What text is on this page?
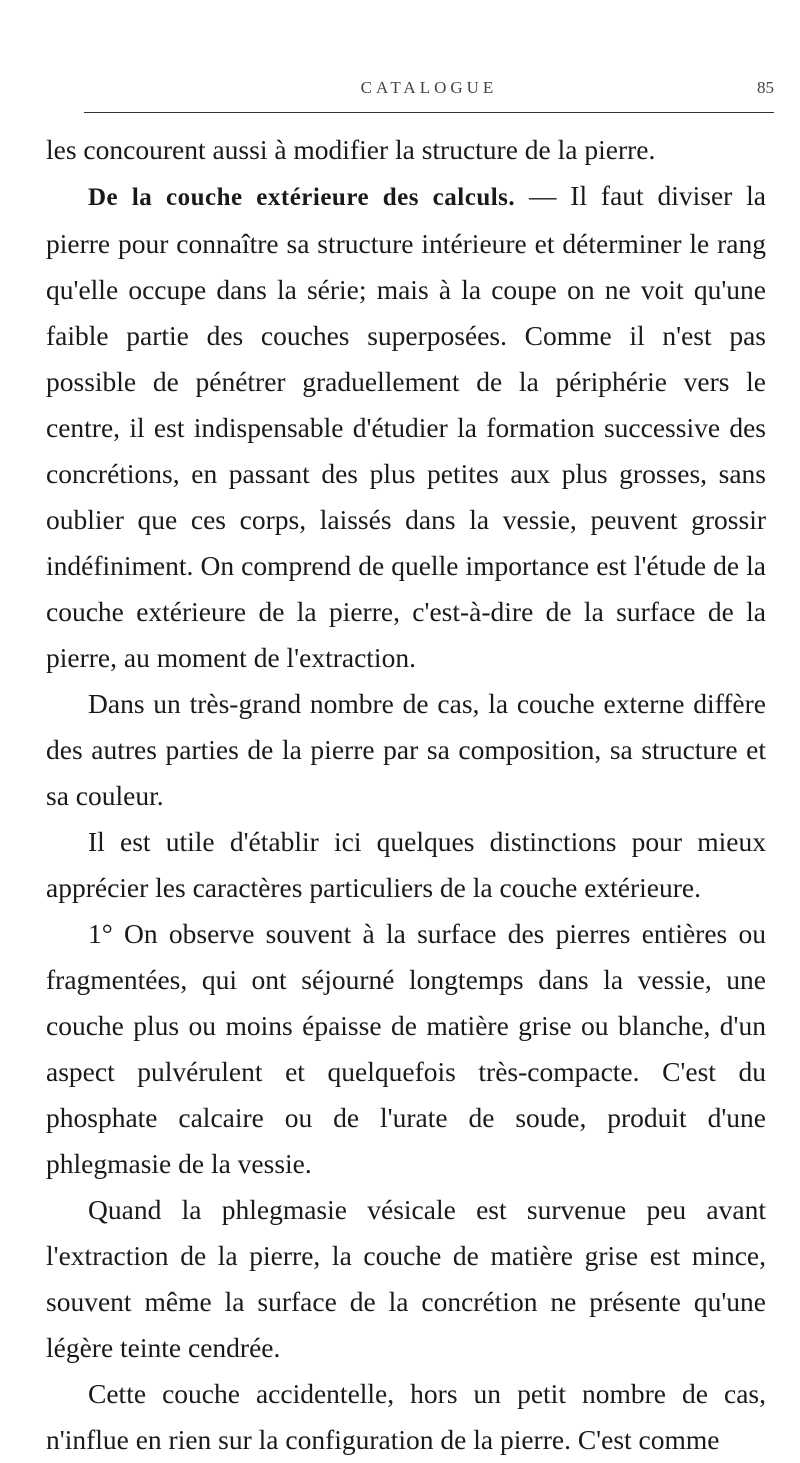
CATALOGUE	85

les concourent aussi à modifier la structure de la pierre.

De la couche extérieure des calculs. — Il faut diviser la pierre pour connaître sa structure intérieure et déterminer le rang qu'elle occupe dans la série; mais à la coupe on ne voit qu'une faible partie des couches superposées. Comme il n'est pas possible de pénétrer graduellement de la périphérie vers le centre, il est indispensable d'étudier la formation successive des concrétions, en passant des plus petites aux plus grosses, sans oublier que ces corps, laissés dans la vessie, peuvent grossir indéfiniment. On comprend de quelle importance est l'étude de la couche extérieure de la pierre, c'est-à-dire de la surface de la pierre, au moment de l'extraction.

Dans un très-grand nombre de cas, la couche externe diffère des autres parties de la pierre par sa composition, sa structure et sa couleur.

Il est utile d'établir ici quelques distinctions pour mieux apprécier les caractères particuliers de la couche extérieure.

1° On observe souvent à la surface des pierres entières ou fragmentées, qui ont séjourné longtemps dans la vessie, une couche plus ou moins épaisse de matière grise ou blanche, d'un aspect pulvérulent et quelquefois très-compacte. C'est du phosphate calcaire ou de l'urate de soude, produit d'une phlegmasie de la vessie.

Quand la phlegmasie vésicale est survenue peu avant l'extraction de la pierre, la couche de matière grise est mince, souvent même la surface de la concrétion ne présente qu'une légère teinte cendrée.

Cette couche accidentelle, hors un petit nombre de cas, n'influe en rien sur la configuration de la pierre. C'est comme
